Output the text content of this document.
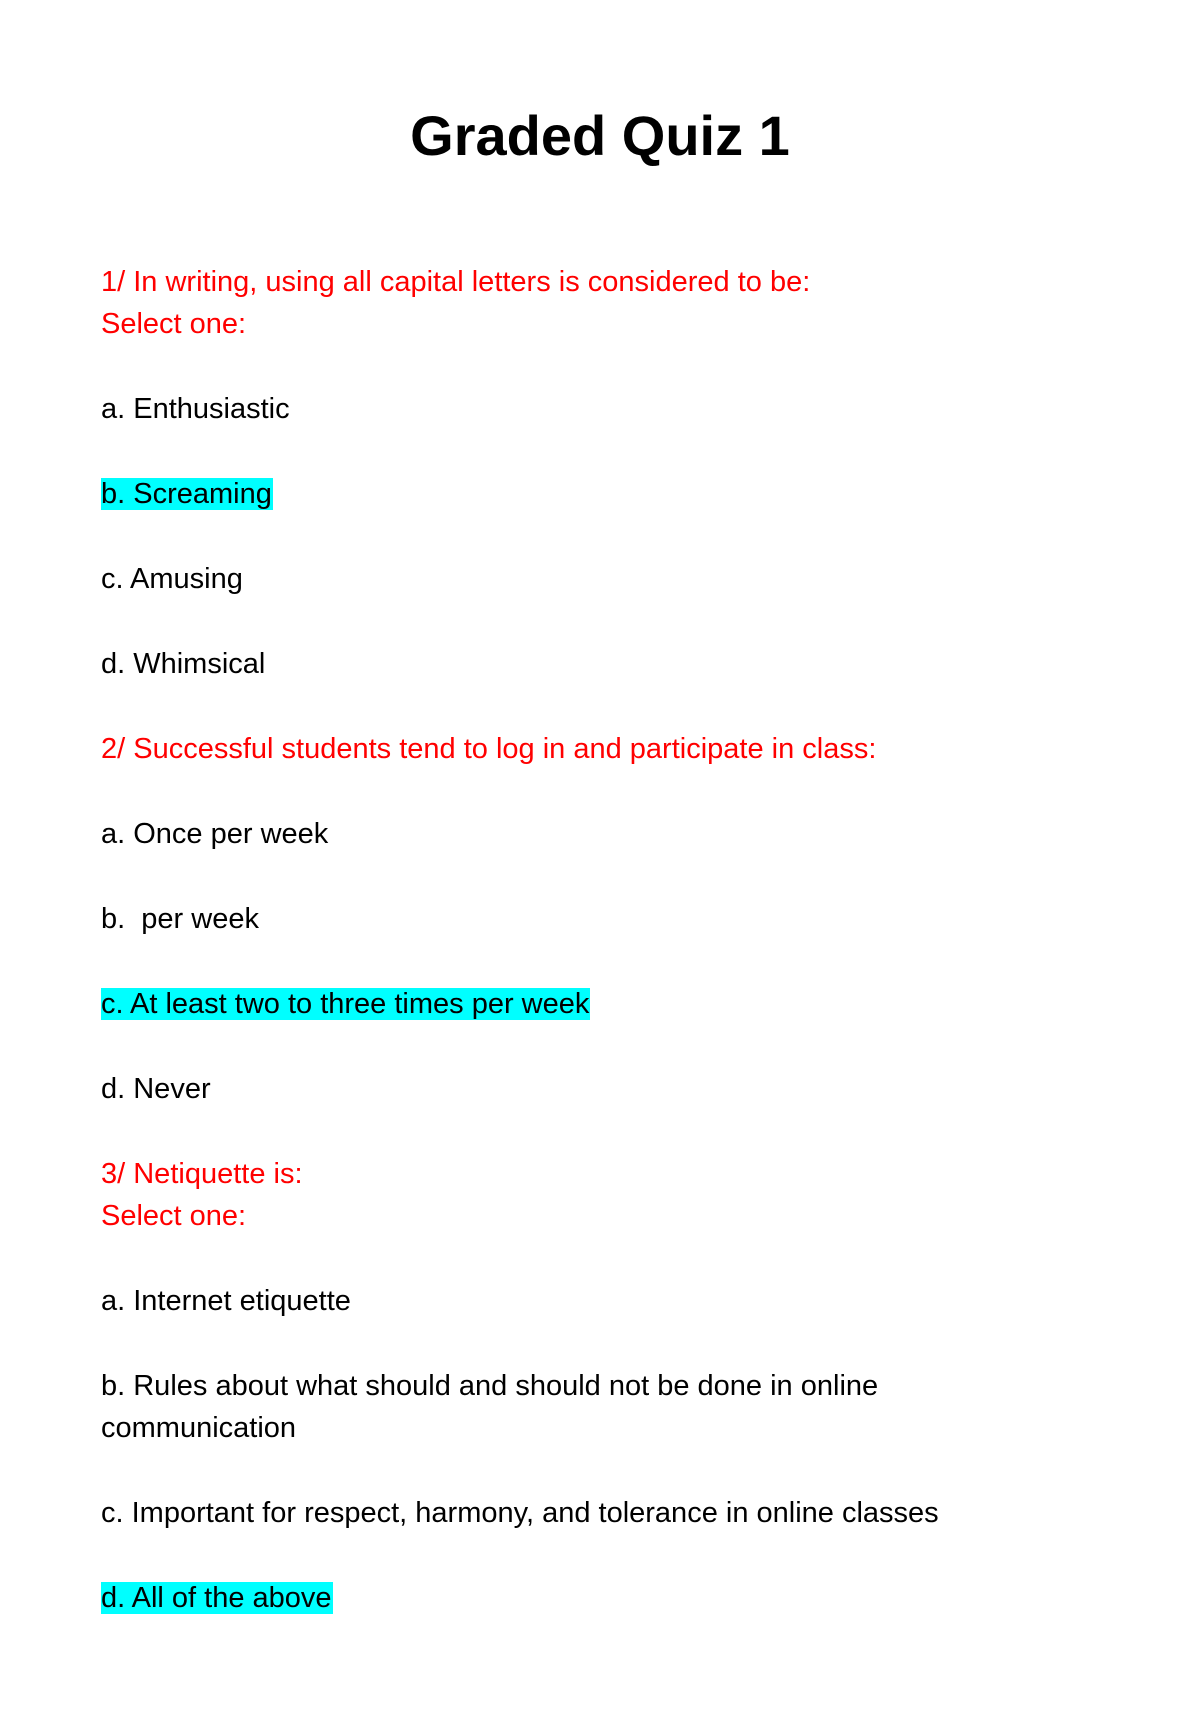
Graded Quiz 1

1/ In writing, using all capital letters is considered to be:

Select one:

a. Enthusiastic

b. Screaming

c. Amusing

d. Whimsical

2/ Successful students tend to log in and participate in class:

a. Once per week

b.  per week

c. At least two to three times per week

d. Never

3/ Netiquette is:

Select one:

a. Internet etiquette

b. Rules about what should and should not be done in online

communication

c. Important for respect, harmony, and tolerance in online classes

d. All of the above
